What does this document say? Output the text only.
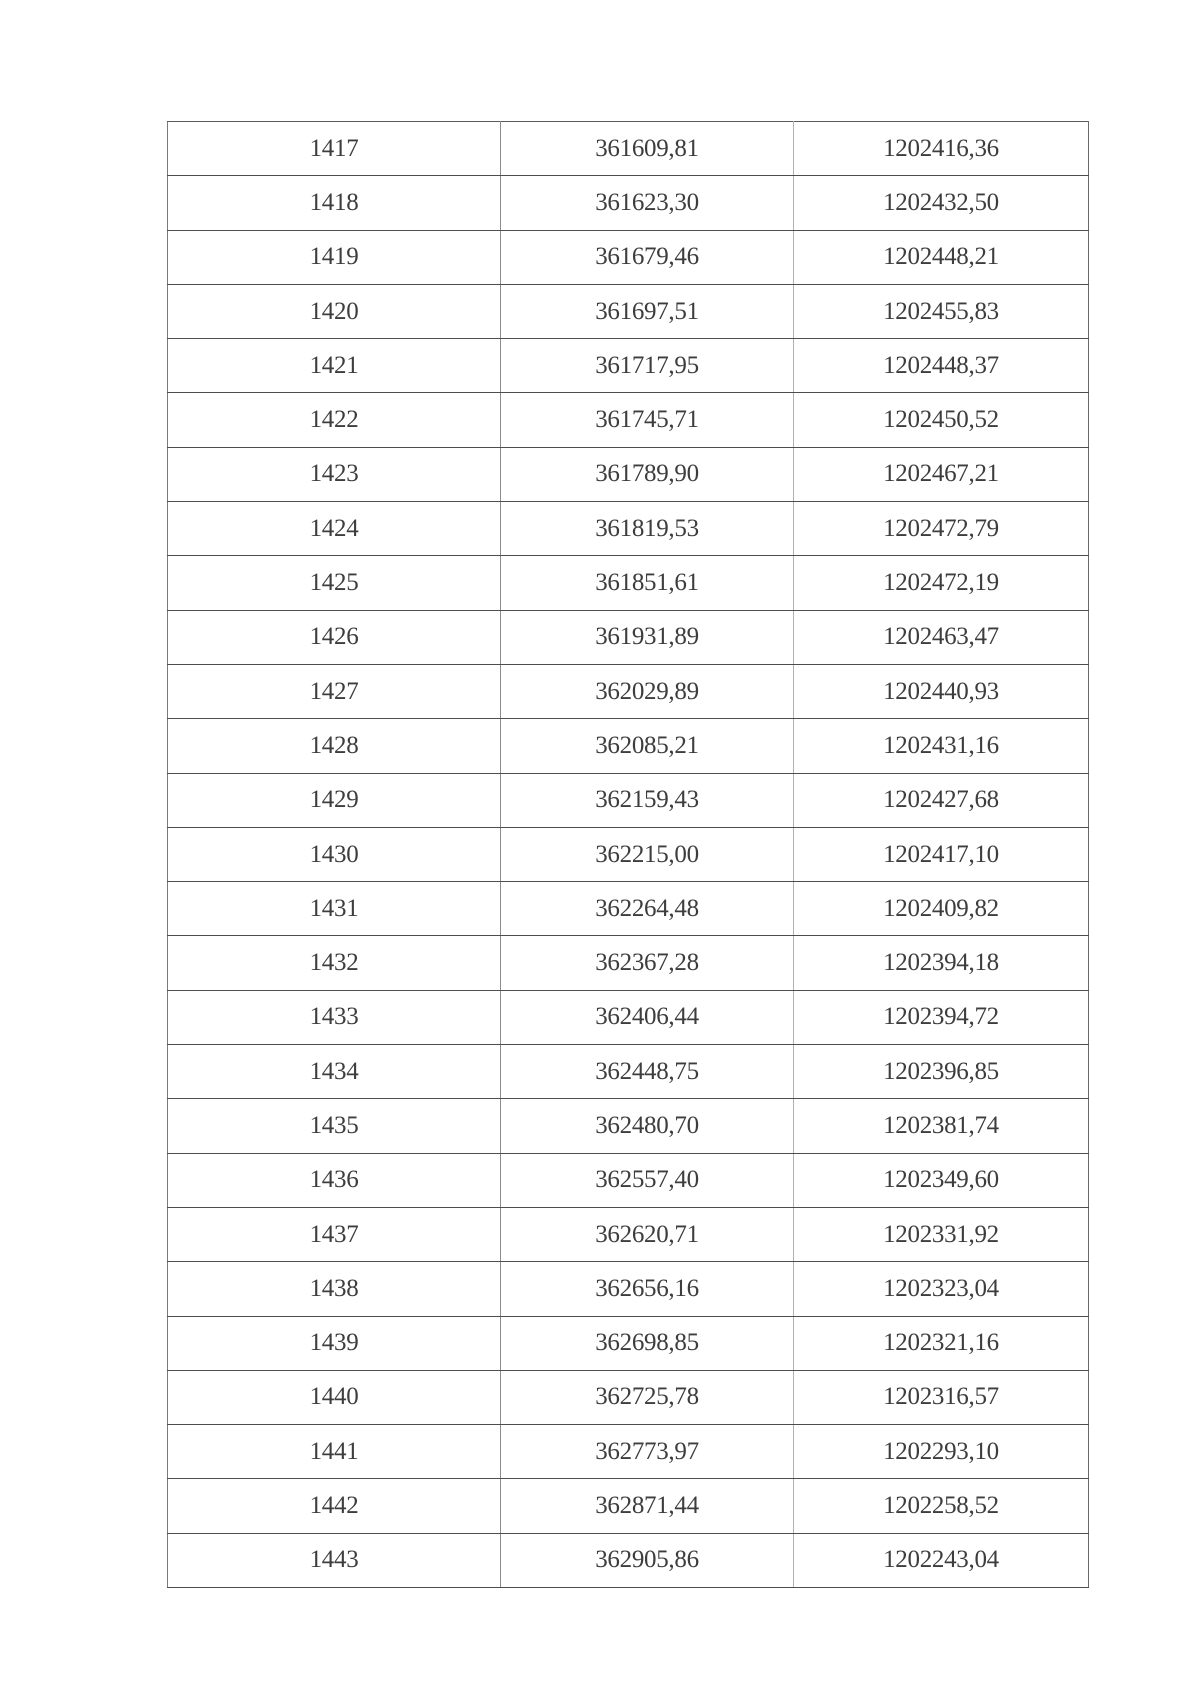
1417	361609,81	1202416,36
1418	361623,30	1202432,50
1419	361679,46	1202448,21
1420	361697,51	1202455,83
1421	361717,95	1202448,37
1422	361745,71	1202450,52
1423	361789,90	1202467,21
1424	361819,53	1202472,79
1425	361851,61	1202472,19
1426	361931,89	1202463,47
1427	362029,89	1202440,93
1428	362085,21	1202431,16
1429	362159,43	1202427,68
1430	362215,00	1202417,10
1431	362264,48	1202409,82
1432	362367,28	1202394,18
1433	362406,44	1202394,72
1434	362448,75	1202396,85
1435	362480,70	1202381,74
1436	362557,40	1202349,60
1437	362620,71	1202331,92
1438	362656,16	1202323,04
1439	362698,85	1202321,16
1440	362725,78	1202316,57
1441	362773,97	1202293,10
1442	362871,44	1202258,52
1443	362905,86	1202243,04
